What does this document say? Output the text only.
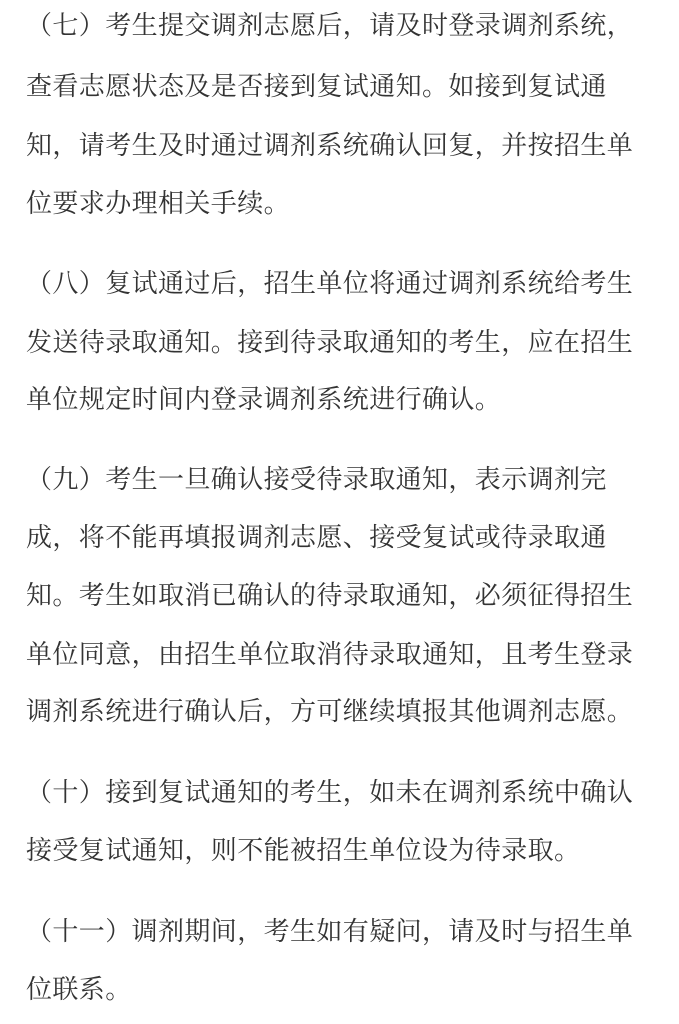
（七）考生提交调剂志愿后，请及时登录调剂系统，
查看志愿状态及是否接到复试通知。如接到复试通
知，请考生及时通过调剂系统确认回复，并按招生单
位要求办理相关手续。
（八）复试通过后，招生单位将通过调剂系统给考生
发送待录取通知。接到待录取通知的考生，应在招生
单位规定时间内登录调剂系统进行确认。
（九）考生一旦确认接受待录取通知，表示调剂完
成，将不能再填报调剂志愿、接受复试或待录取通
知。考生如取消已确认的待录取通知，必须征得招生
单位同意，由招生单位取消待录取通知，且考生登录
调剂系统进行确认后，方可继续填报其他调剂志愿。
（十）接到复试通知的考生，如未在调剂系统中确认
接受复试通知，则不能被招生单位设为待录取。
（十一）调剂期间，考生如有疑问，请及时与招生单
位联系。
